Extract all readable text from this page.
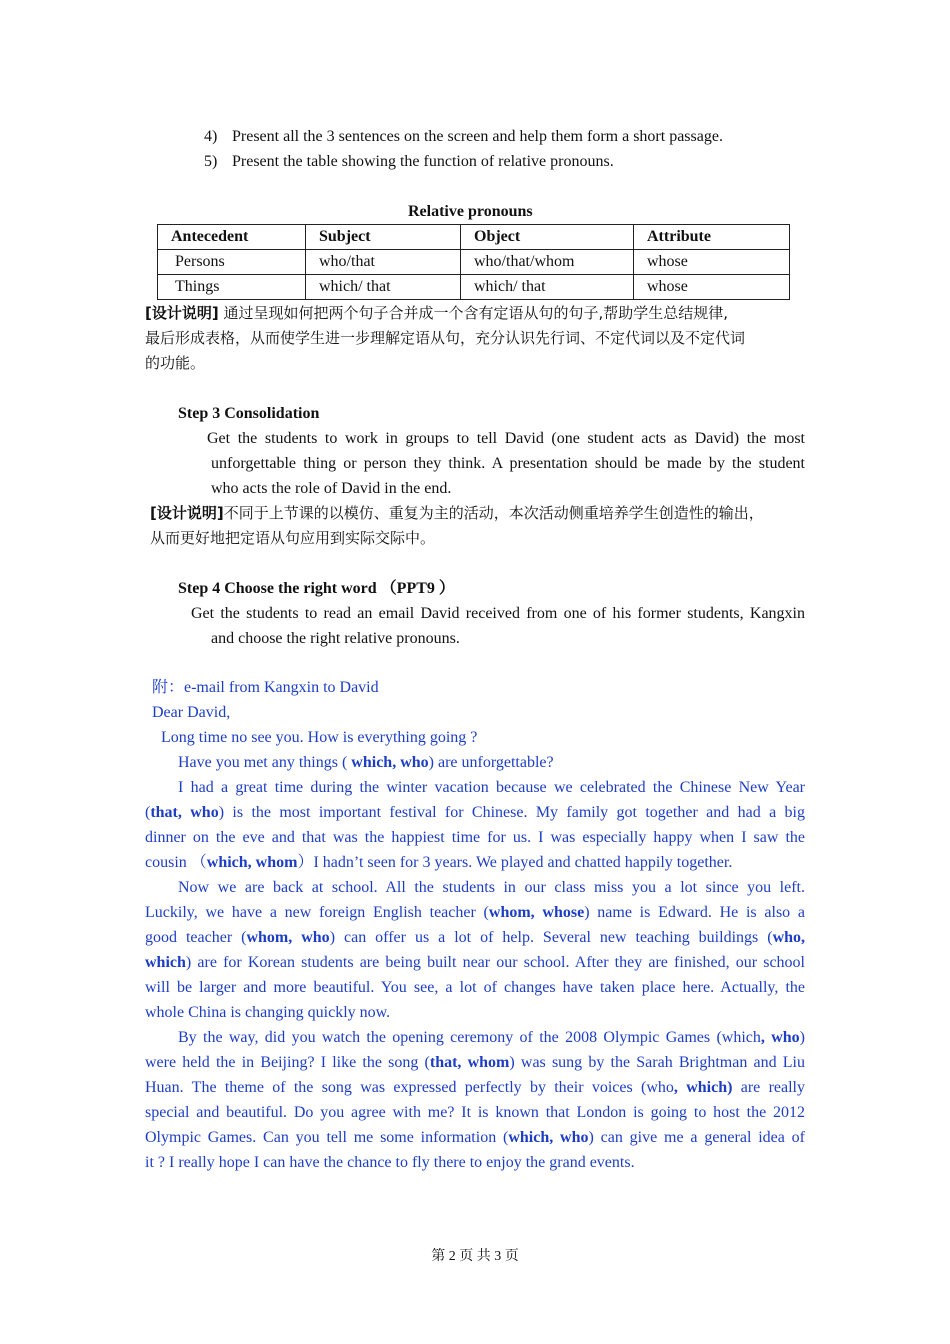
4) Present all the 3 sentences on the screen and help them form a short passage.
5) Present the table showing the function of relative pronouns.
Relative pronouns
Antecedent	Subject	Object	Attribute
Persons	who/that	who/that/whom	whose
Things	which/ that	which/ that	whose
[设计说明] 通过呈现如何把两个句子合并成一个含有定语从句的句子,帮助学生总结规律,
最后形成表格，从而使学生进一步理解定语从句，充分认识先行词、不定代词以及不定代词
的功能。
Step 3 Consolidation
Get the students to work in groups to tell David (one student acts as David) the most
unforgettable thing or person they think. A presentation should be made by the student
who acts the role of David in the end.
[设计说明]不同于上节课的以模仿、重复为主的活动，本次活动侧重培养学生创造性的输出，
从而更好地把定语从句应用到实际交际中。
Step 4 Choose the right word （PPT9 ）
Get the students to read an email David received from one of his former students, Kangxin
and choose the right relative pronouns.
附：e-mail from Kangxin to David
Dear David,
Long time no see you. How is everything going ?
Have you met any things ( which, who) are unforgettable?
I had a great time during the winter vacation because we celebrated the Chinese New Year
(that, who) is the most important festival for Chinese. My family got together and had a big
dinner on the eve and that was the happiest time for us. I was especially happy when I saw the
cousin （which, whom）I hadn’t seen for 3 years. We played and chatted happily together.
Now we are back at school. All the students in our class miss you a lot since you left.
Luckily, we have a new foreign English teacher (whom, whose) name is Edward. He is also a
good teacher (whom, who) can offer us a lot of help. Several new teaching buildings (who,
which) are for Korean students are being built near our school. After they are finished, our school
will be larger and more beautiful. You see, a lot of changes have taken place here. Actually, the
whole China is changing quickly now.
By the way, did you watch the opening ceremony of the 2008 Olympic Games (which, who)
were held the in Beijing? I like the song (that, whom) was sung by the Sarah Brightman and Liu
Huan. The theme of the song was expressed perfectly by their voices (who, which) are really
special and beautiful. Do you agree with me? It is known that London is going to host the 2012
Olympic Games. Can you tell me some information (which, who) can give me a general idea of
it ? I really hope I can have the chance to fly there to enjoy the grand events.
第 2 页 共 3 页
